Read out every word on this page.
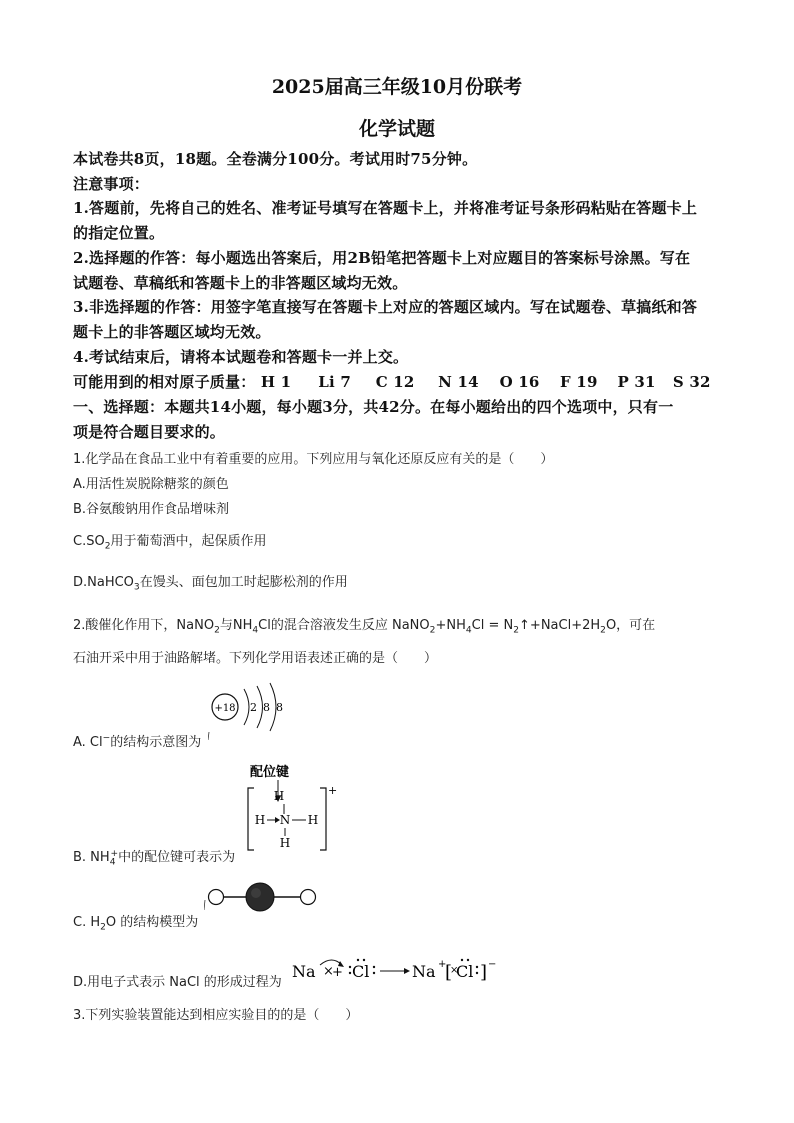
2025届高三年级10月份联考
化学试题
本试卷共8页，18题。全卷满分100分。考试用时75分钟。
注意事项：
1.答题前，先将自己的姓名、准考证号填写在答题卡上，并将准考证号条形码粘贴在答题卡上
的指定位置。
2.选择题的作答：每小题选出答案后，用2B铅笔把答题卡上对应题目的答案标号涂黑。写在
试题卷、草稿纸和答题卡上的非答题区域均无效。
3.非选择题的作答：用签字笔直接写在答题卡上对应的答题区域内。写在试题卷、草搞纸和答
题卡上的非答题区域均无效。
4.考试结束后，请将本试题卷和答题卡一并上交。
可能用到的相对原子质量： H 1 Li 7 C 12 N 14 O 16 F 19 P 31 S 32
一、选择题：本题共14小题，每小题3分，共42分。在每小题给出的四个选项中，只有一
项是符合题目要求的。
1.化学品在食品工业中有着重要的应用。下列应用与氧化还原反应有关的是（　　）
A.用活性炭脱除糖浆的颜色
B.谷氨酸钠用作食品增味剂
$C.SO_2$用于葡萄酒中，起保质作用
D.NaHCO$_3$在馒头、面包加工时起膨松剂的作用
2.酸催化作用下，NaNO$_2$与$NH_4Cl$的混合溶液发生反应 $NaNO_2+NH_4Cl$ = $N_2↑+NaCl+2H_2O$，可在
石油开采中用于油路解堵。下列化学用语表述正确的是（　　）
A. Cl−的结构示意图为
+18 2 8 8
B. $NH_4^+$中的配位键可表示为
配位键
+
H
H N H
H
C. $H_2O$ 的结构模型为
D.用电子式表示 NaCl 的形成过程为
Na ×
+ Cl	Na +
[
×
Cl ] −
3.下列实验装置能达到相应实验目的的是（　　）
